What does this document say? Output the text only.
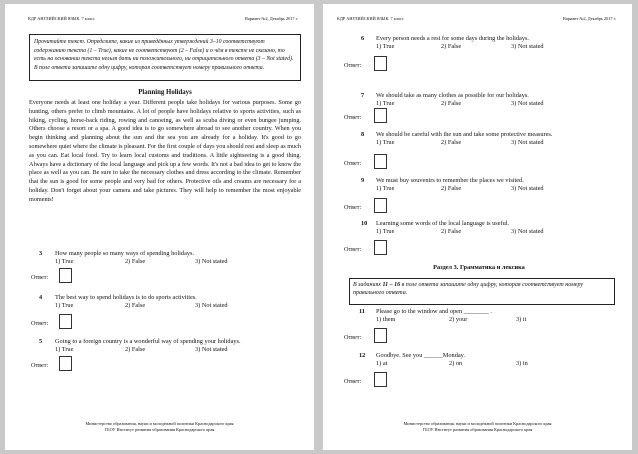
КДР АНГЛИЙСКИЙ ЯЗЫК. 7 класс	Вариант №2, Декабрь 2017 г.
Прочитайте текст. Определите, какие из приведённых утверждений 3–10 соответствуют содержанию текста (1 – True), какие не соответствуют (2 – False) и о чём в тексте не сказано, то есть на основании текста нельзя дать ни положительного, ни отрицательного ответа (3 – Not stated). В поле ответа запишите одну цифру, которая соответствует номеру правильного ответа.
Planning Holidays

Everyone needs at least one holiday a year. Different people take holidays for various purposes. Some go hunting, others prefer to climb mountains. A lot of people have holidays relative to sports activities, such as hiking, cycling, horse-back riding, rowing and canoeing, as well as scuba diving or even bungee jumping. Others choose a resort or a spa. A good idea is to go somewhere abroad to see another country. When you begin thinking and planning about the sun and the sea you are already for a holiday. It's good to go somewhere quiet where the climate is pleasant. For the first couple of days you should rest and sleep as much as you can. Eat local food. Try to learn local customs and traditions. A little sightseeing is a good thing. Always have a dictionary of the local language and pick up a few words. It's not a bad idea to get to know the place as well as you can. Be sure to take the necessary clothes and dress according to the climate. Remember that the sun is good for some people and very bad for others. Protective oils and creams are necessary for a holiday. Don't forget about your camera and take pictures. They will help to remember the most enjoyable moments!

3 How many people so many ways of spending holidays.
1) True	2) False	3) Not stated
Ответ:
4 The best way to spend holidays is to do sports activities.
1) True	2) False	3) Not stated
Ответ:
5 Going to a foreign country is a wonderful way of spending your holidays.
1) True	2) False	3) Not stated
Ответ:
Министерство образования, науки и молодёжной политики Краснодарского края
ГБОУ Институт развития образования Краснодарского края
КДР АНГЛИЙСКИЙ ЯЗЫК. 7 класс	Вариант №2, Декабрь 2017 г.
6 Every person needs a rest for some days during the holidays.
1) True	2) False	3) Not stated
Ответ:
7 We should take as many clothes as possible for our holidays.
1) True	2) False	3) Not stated
Ответ:
8 We should be careful with the sun and take some protective measures.
1) True	2) False	3) Not stated
Ответ:
9 We must buy souvenirs to remember the places we visited.
1) True	2) False	3) Not stated
Ответ:
10 Learning some words of the local language is useful.
1) True	2) False	3) Not stated
Ответ:
Раздел 3. Грамматика и лексика
В заданиях 11 – 16 в поле ответа запишите одну цифру, которая соответствует номеру правильного ответа.
11 Please go to the window and open ________ .
1) them	2) your	3) it
Ответ:
12 Goodbye. See you ______Monday.
1) at	2) on	3) in
Ответ:
Министерство образования, науки и молодёжной политики Краснодарского края
ГБОУ Институт развития образования Краснодарского края
